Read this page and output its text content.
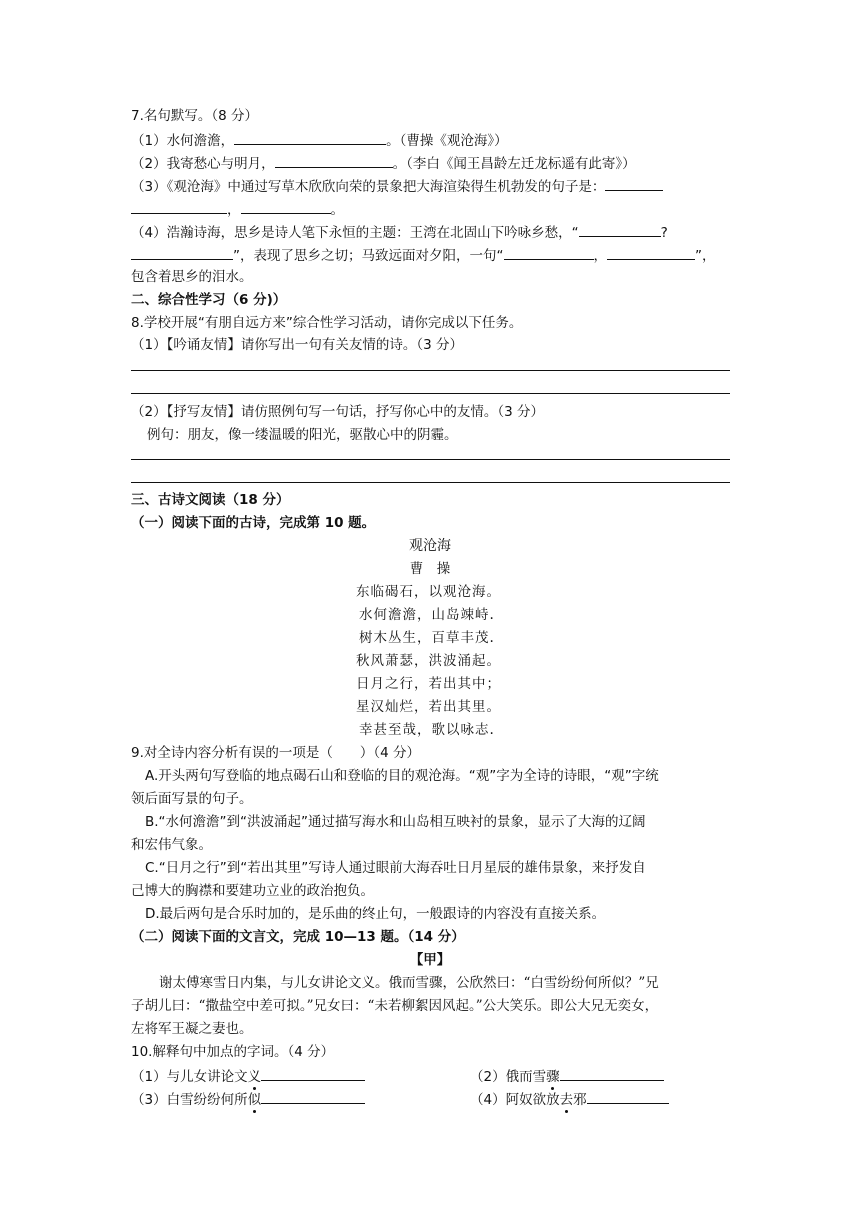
7.名句默写。（8 分）
（1）水何澹澹，	。（曹操《观沧海》）
（2）我寄愁心与明月，	。（李白《闻王昌龄左迁龙标遥有此寄》）
（3）《观沧海》中通过写草木欣欣向荣的景象把大海渲染得生机勃发的句子是：
，	。
（4）浩瀚诗海，思乡是诗人笔下永恒的主题：王湾在北固山下吟咏乡愁，“	?
”，表现了思乡之切；马致远面对夕阳，一句“	，	”，
包含着思乡的泪水。
二、综合性学习（6 分)）
8.学校开展“有朋自远方来”综合性学习活动，请你完成以下任务。
（1）【吟诵友情】请你写出一句有关友情的诗。（3 分）
（2）【抒写友情】请仿照例句写一句话，抒写你心中的友情。（3 分）
例句：朋友，像一缕温暖的阳光，驱散心中的阴霾。
三、古诗文阅读（18 分）
（一）阅读下面的古诗，完成第 10 题。
观沧海
曹　操
东临碣石，以观沧海。
水何澹澹，山岛竦峙.
树木丛生，百草丰茂.
秋风萧瑟，洪波涌起。
日月之行，若出其中；
星汉灿烂，若出其里。
幸甚至哉，歌以咏志.
9.对全诗内容分析有误的一项是（　　）（4 分）
A.开头两句写登临的地点碣石山和登临的目的观沧海。“观”字为全诗的诗眼，“观”字统
领后面写景的句子。
B.“水何澹澹”到“洪波涌起”通过描写海水和山岛相互映衬的景象，显示了大海的辽阔
和宏伟气象。
C.“日月之行”到“若出其里”写诗人通过眼前大海吞吐日月星辰的雄伟景象，来抒发自
己博大的胸襟和要建功立业的政治抱负。
D.最后两句是合乐时加的，是乐曲的终止句，一般跟诗的内容没有直接关系。
（二）阅读下面的文言文，完成 10—13 题。（14 分）
【甲】
谢太傅寒雪日内集，与儿女讲论文义。俄而雪骤，公欣然曰：“白雪纷纷何所似？”兄
子胡儿曰：“撒盐空中差可拟。”兄女曰：“未若柳絮因风起。”公大笑乐。即公大兄无奕女，
左将军王凝之妻也。
10.解释句中加点的字词。（4 分）
（1）与儿女讲论文义	（2）俄而雪骤
（3）白雪纷纷何所似	（4）阿奴欲放去邪
